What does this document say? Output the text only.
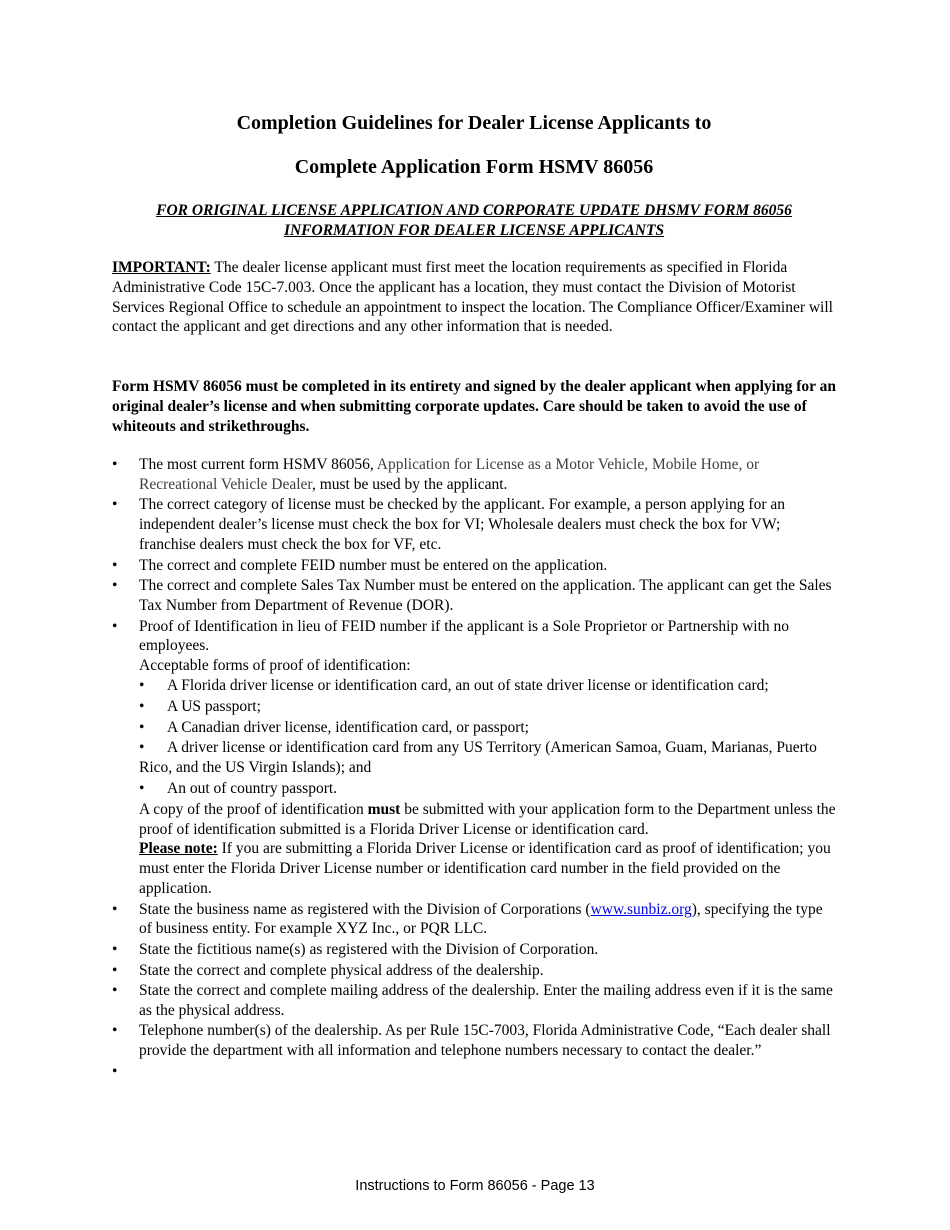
Completion Guidelines for Dealer License Applicants to
Complete Application Form HSMV 86056
FOR ORIGINAL LICENSE APPLICATION AND CORPORATE UPDATE DHSMV FORM 86056
INFORMATION FOR DEALER LICENSE APPLICANTS
IMPORTANT: The dealer license applicant must first meet the location requirements as specified in Florida Administrative Code 15C-7.003. Once the applicant has a location, they must contact the Division of Motorist Services Regional Office to schedule an appointment to inspect the location. The Compliance Officer/Examiner will contact the applicant and get directions and any other information that is needed.
Form HSMV 86056 must be completed in its entirety and signed by the dealer applicant when applying for an original dealer’s license and when submitting corporate updates. Care should be taken to avoid the use of whiteouts and strikethroughs.
• The most current form HSMV 86056, Application for License as a Motor Vehicle, Mobile Home, or Recreational Vehicle Dealer, must be used by the applicant.
• The correct category of license must be checked by the applicant. For example, a person applying for an independent dealer’s license must check the box for VI; Wholesale dealers must check the box for VW; franchise dealers must check the box for VF, etc.
• The correct and complete FEID number must be entered on the application.
• The correct and complete Sales Tax Number must be entered on the application. The applicant can get the Sales Tax Number from Department of Revenue (DOR).
• Proof of Identification in lieu of FEID number if the applicant is a Sole Proprietor or Partnership with no employees.
Acceptable forms of proof of identification:
• A Florida driver license or identification card, an out of state driver license or identification card;
• A US passport;
• A Canadian driver license, identification card, or passport;
• A driver license or identification card from any US Territory (American Samoa, Guam, Marianas, Puerto Rico, and the US Virgin Islands); and
• An out of country passport.
A copy of the proof of identification must be submitted with your application form to the Department unless the proof of identification submitted is a Florida Driver License or identification card.
Please note: If you are submitting a Florida Driver License or identification card as proof of identification; you must enter the Florida Driver License number or identification card number in the field provided on the application.
• State the business name as registered with the Division of Corporations (www.sunbiz.org), specifying the type of business entity. For example XYZ Inc., or PQR LLC.
• State the fictitious name(s) as registered with the Division of Corporation.
• State the correct and complete physical address of the dealership.
• State the correct and complete mailing address of the dealership. Enter the mailing address even if it is the same as the physical address.
• Telephone number(s) of the dealership. As per Rule 15C-7003, Florida Administrative Code, “Each dealer shall provide the department with all information and telephone numbers necessary to contact the dealer.”
•
Instructions to Form 86056 - Page 13
